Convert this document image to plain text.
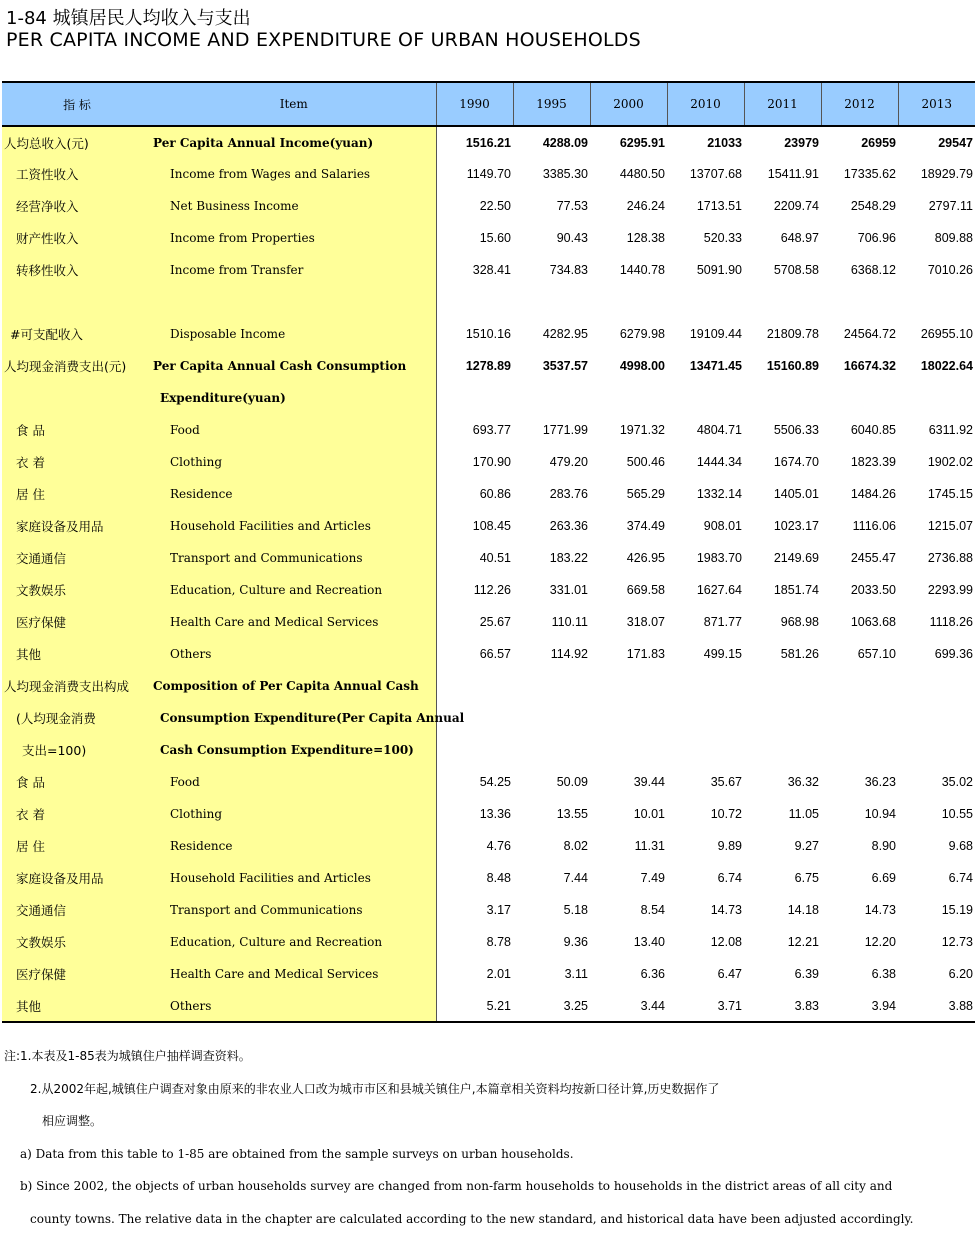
1-84 城镇居民人均收入与支出
PER CAPITA INCOME AND EXPENDITURE OF URBAN HOUSEHOLDS
指 标	Item	1990	1995	2000	2010	2011	2012	2013
人均总收入(元)	Per Capita Annual Income(yuan)	1516.21	4288.09	6295.91	21033	23979	26959	29547
工资性收入	Income from Wages and Salaries	1149.70	3385.30	4480.50	13707.68	15411.91	17335.62	18929.79
经营净收入	Net Business Income	22.50	77.53	246.24	1713.51	2209.74	2548.29	2797.11
财产性收入	Income from Properties	15.60	90.43	128.38	520.33	648.97	706.96	809.88
转移性收入	Income from Transfer	328.41	734.83	1440.78	5091.90	5708.58	6368.12	7010.26

#可支配收入	Disposable Income	1510.16	4282.95	6279.98	19109.44	21809.78	24564.72	26955.10
人均现金消费支出(元)	Per Capita Annual Cash Consumption	1278.89	3537.57	4998.00	13471.45	15160.89	16674.32	18022.64
	Expenditure(yuan)							
食 品	Food	693.77	1771.99	1971.32	4804.71	5506.33	6040.85	6311.92
衣 着	Clothing	170.90	479.20	500.46	1444.34	1674.70	1823.39	1902.02
居 住	Residence	60.86	283.76	565.29	1332.14	1405.01	1484.26	1745.15
家庭设备及用品	Household Facilities and Articles	108.45	263.36	374.49	908.01	1023.17	1116.06	1215.07
交通通信	Transport and Communications	40.51	183.22	426.95	1983.70	2149.69	2455.47	2736.88
文教娱乐	Education, Culture and Recreation	112.26	331.01	669.58	1627.64	1851.74	2033.50	2293.99
医疗保健	Health Care and Medical Services	25.67	110.11	318.07	871.77	968.98	1063.68	1118.26
其他	Others	66.57	114.92	171.83	499.15	581.26	657.10	699.36
人均现金消费支出构成	Composition of Per Capita Annual Cash							
(人均现金消费	Consumption Expenditure(Per Capita Annual							
支出=100)	Cash Consumption Expenditure=100)							
食 品	Food	54.25	50.09	39.44	35.67	36.32	36.23	35.02
衣 着	Clothing	13.36	13.55	10.01	10.72	11.05	10.94	10.55
居 住	Residence	4.76	8.02	11.31	9.89	9.27	8.90	9.68
家庭设备及用品	Household Facilities and Articles	8.48	7.44	7.49	6.74	6.75	6.69	6.74
交通通信	Transport and Communications	3.17	5.18	8.54	14.73	14.18	14.73	15.19
文教娱乐	Education, Culture and Recreation	8.78	9.36	13.40	12.08	12.21	12.20	12.73
医疗保健	Health Care and Medical Services	2.01	3.11	6.36	6.47	6.39	6.38	6.20
其他	Others	5.21	3.25	3.44	3.71	3.83	3.94	3.88
注:1.本表及1-85表为城镇住户抽样调查资料。
2.从2002年起,城镇住户调查对象由原来的非农业人口改为城市市区和县城关镇住户,本篇章相关资料均按新口径计算,历史数据作了
相应调整。
a) Data from this table to 1-85 are obtained from the sample surveys on urban households.
b) Since 2002, the objects of urban households survey are changed from non-farm households to households in the district areas of all city and
county towns. The relative data in the chapter are calculated according to the new standard, and historical data have been adjusted accordingly.
